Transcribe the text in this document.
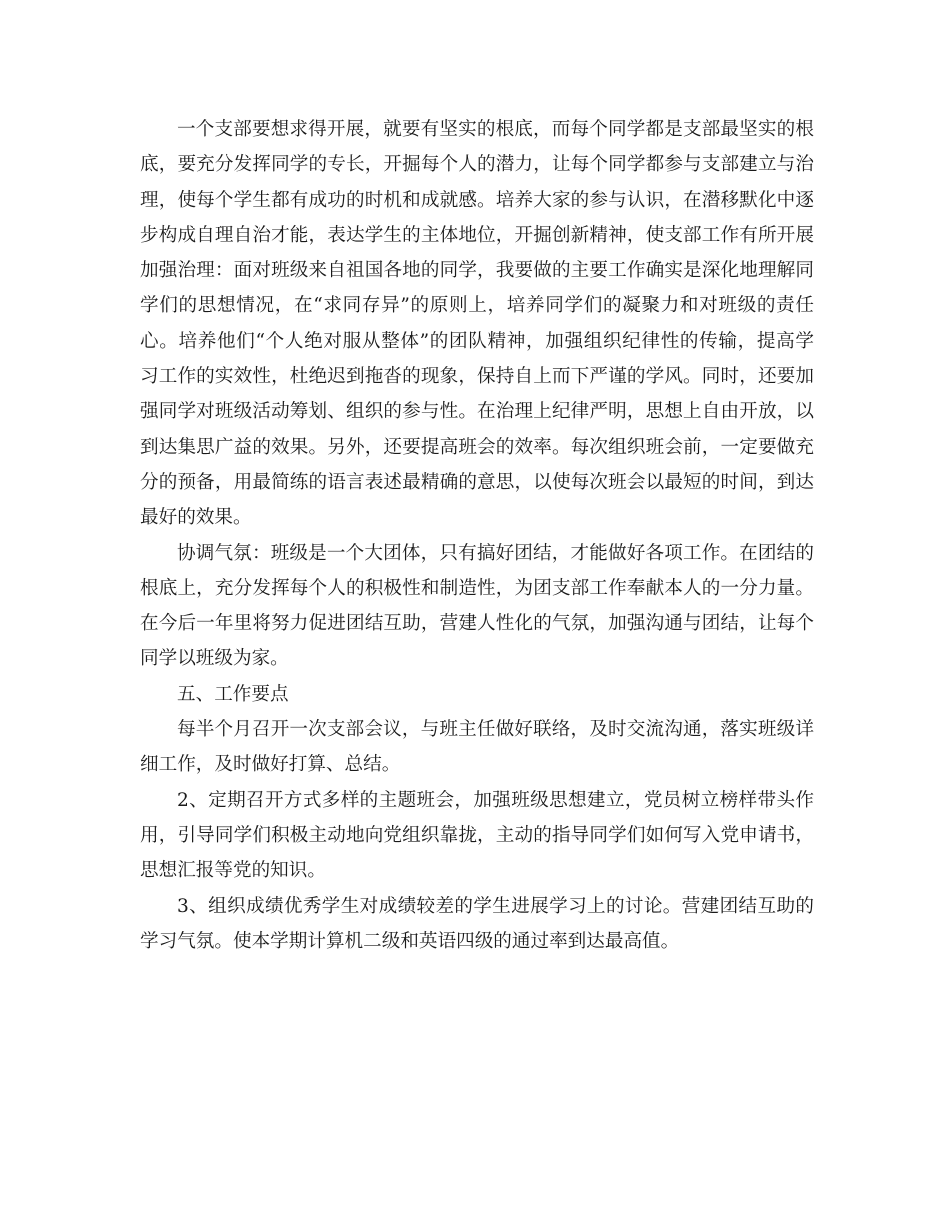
一个支部要想求得开展，就要有坚实的根底，而每个同学都是支部最坚实的根
底，要充分发挥同学的专长，开掘每个人的潜力，让每个同学都参与支部建立与治
理，使每个学生都有成功的时机和成就感。培养大家的参与认识，在潜移默化中逐
步构成自理自治才能，表达学生的主体地位，开掘创新精神，使支部工作有所开展
加强治理：面对班级来自祖国各地的同学，我要做的主要工作确实是深化地理解同
学们的思想情况，在“求同存异”的原则上，培养同学们的凝聚力和对班级的责任
心。培养他们“个人绝对服从整体”的团队精神，加强组织纪律性的传输，提高学
习工作的实效性，杜绝迟到拖沓的现象，保持自上而下严谨的学风。同时，还要加
强同学对班级活动筹划、组织的参与性。在治理上纪律严明，思想上自由开放，以
到达集思广益的效果。另外，还要提高班会的效率。每次组织班会前，一定要做充
分的预备，用最简练的语言表述最精确的意思，以使每次班会以最短的时间，到达
最好的效果。
协调气氛：班级是一个大团体，只有搞好团结，才能做好各项工作。在团结的
根底上，充分发挥每个人的积极性和制造性，为团支部工作奉献本人的一分力量。
在今后一年里将努力促进团结互助，营建人性化的气氛，加强沟通与团结，让每个
同学以班级为家。
五、工作要点
每半个月召开一次支部会议，与班主任做好联络，及时交流沟通，落实班级详
细工作，及时做好打算、总结。
2、定期召开方式多样的主题班会，加强班级思想建立，党员树立榜样带头作
用，引导同学们积极主动地向党组织靠拢，主动的指导同学们如何写入党申请书，
思想汇报等党的知识。
3、组织成绩优秀学生对成绩较差的学生进展学习上的讨论。营建团结互助的
学习气氛。使本学期计算机二级和英语四级的通过率到达最高值。
